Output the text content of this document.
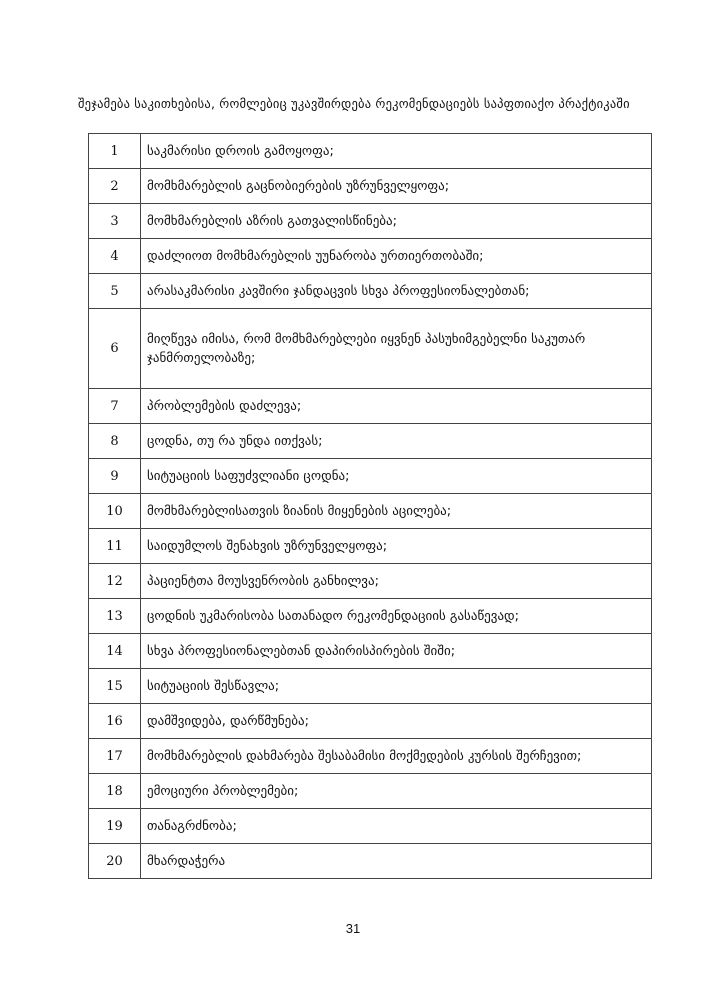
შეჯამება საკითხებისა, რომლებიც უკავშირდება რეკომენდაციებს საპფთიაქო პრაქტიკაში
1	საკმარისი დროის გამოყოფა;
2	მომხმარებლის გაცნობიერების უზრუნველყოფა;
3	მომხმარებლის აზრის გათვალისწინება;
4	დაძლიოთ მომხმარებლის უუნარობა ურთიერთობაში;
5	არასაკმარისი კავშირი ჯანდაცვის სხვა პროფესიონალებთან;
6	მიღწევა იმისა, რომ მომხმარებლები იყვნენ პასუხიმგებელნი საკუთარ ჯანმრთელობაზე;
7	პრობლემების დაძლევა;
8	ცოდნა, თუ რა უნდა ითქვას;
9	სიტუაციის საფუძვლიანი ცოდნა;
10	მომხმარებლისათვის ზიანის მიყენების აცილება;
11	საიდუმლოს შენახვის უზრუნველყოფა;
12	პაციენტთა მოუსვენრობის განხილვა;
13	ცოდნის უკმარისობა სათანადო რეკომენდაციის გასაწევად;
14	სხვა პროფესიონალებთან დაპირისპირების შიში;
15	სიტუაციის შესწავლა;
16	დამშვიდება, დარწმუნება;
17	მომხმარებლის დახმარება შესაბამისი მოქმედების კურსის შერჩევით;
18	ემოციური პრობლემები;
19	თანაგრძნობა;
20	მხარდაჭერა
31
